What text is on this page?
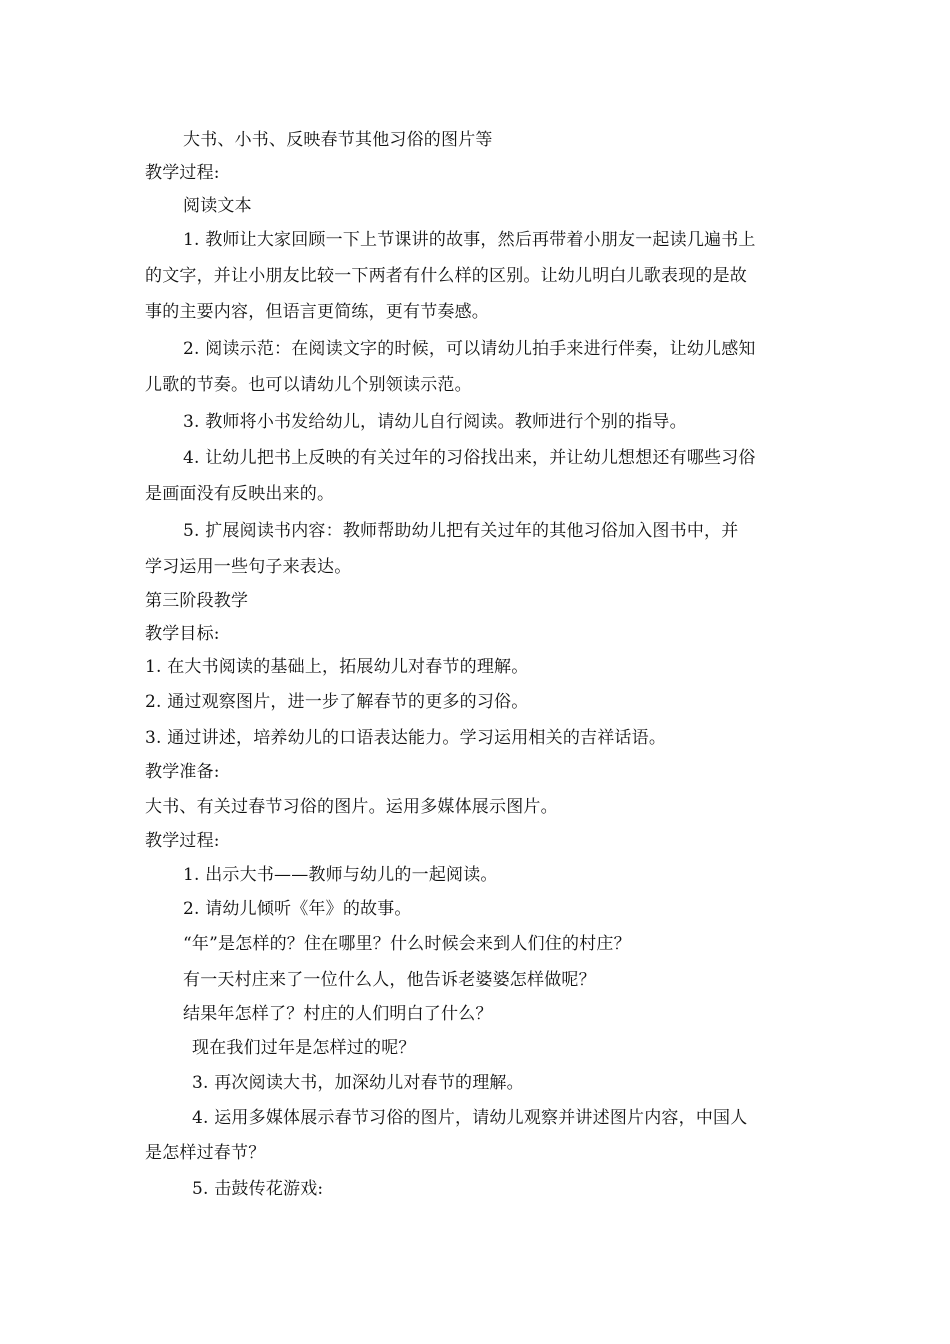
大书、小书、反映春节其他习俗的图片等
教学过程:
阅读文本
1. 教师让大家回顾一下上节课讲的故事，然后再带着小朋友一起读几遍书上
的文字，并让小朋友比较一下两者有什么样的区别。让幼儿明白儿歌表现的是故
事的主要内容，但语言更简练，更有节奏感。
2. 阅读示范：在阅读文字的时候，可以请幼儿拍手来进行伴奏，让幼儿感知
儿歌的节奏。也可以请幼儿个别领读示范。
3. 教师将小书发给幼儿，请幼儿自行阅读。教师进行个别的指导。
4. 让幼儿把书上反映的有关过年的习俗找出来，并让幼儿想想还有哪些习俗
是画面没有反映出来的。
5. 扩展阅读书内容：教师帮助幼儿把有关过年的其他习俗加入图书中，并
学习运用一些句子来表达。
第三阶段教学
教学目标:
1. 在大书阅读的基础上，拓展幼儿对春节的理解。
2. 通过观察图片，进一步了解春节的更多的习俗。
3. 通过讲述，培养幼儿的口语表达能力。学习运用相关的吉祥话语。
教学准备:
大书、有关过春节习俗的图片。运用多媒体展示图片。
教学过程:
1. 出示大书——教师与幼儿的一起阅读。
2. 请幼儿倾听《年》的故事。
“年”是怎样的？住在哪里？什么时候会来到人们住的村庄？
有一天村庄来了一位什么人，他告诉老婆婆怎样做呢？
结果年怎样了？村庄的人们明白了什么？
现在我们过年是怎样过的呢？
3. 再次阅读大书，加深幼儿对春节的理解。
4. 运用多媒体展示春节习俗的图片，请幼儿观察并讲述图片内容，中国人
是怎样过春节？
5. 击鼓传花游戏:
